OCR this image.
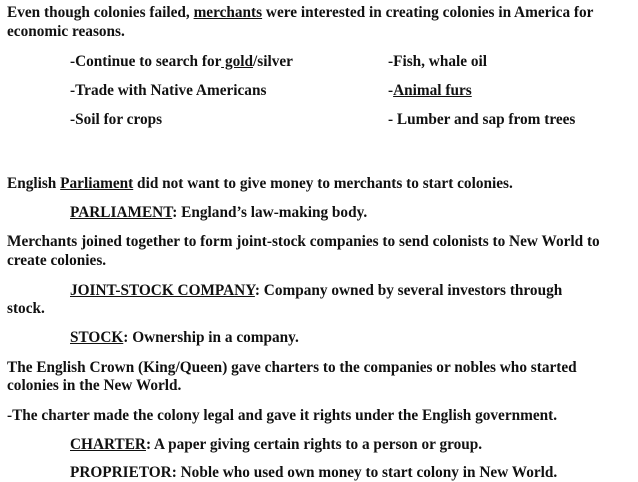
Even though colonies failed, merchants were interested in creating colonies in America for
economic reasons.
-Continue to search for gold/silver	-Fish, whale oil
-Trade with Native Americans	-Animal furs
-Soil for crops	- Lumber and sap from trees
English Parliament did not want to give money to merchants to start colonies.
PARLIAMENT: England’s law-making body.
Merchants joined together to form joint-stock companies to send colonists to New World to
create colonies.
JOINT-STOCK COMPANY: Company owned by several investors through
stock.
STOCK: Ownership in a company.
The English Crown (King/Queen) gave charters to the companies or nobles who started
colonies in the New World.
-The charter made the colony legal and gave it rights under the English government.
CHARTER: A paper giving certain rights to a person or group.
PROPRIETOR: Noble who used own money to start colony in New World.
